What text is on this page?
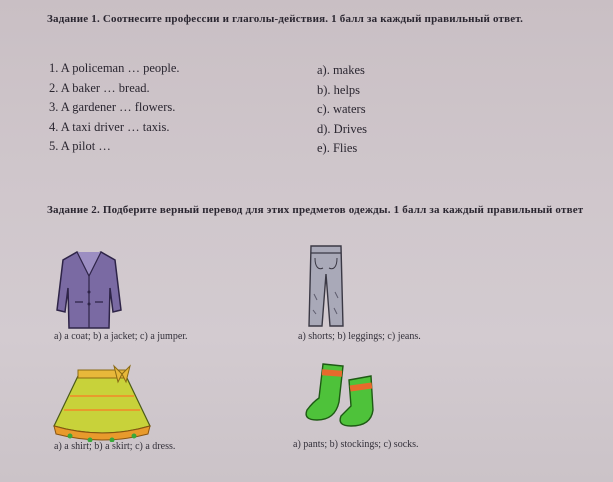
Задание 1. Соотнесите профессии и глаголы-действия. 1 балл за каждый правильный ответ.
1. A policeman … people.
2. A baker … bread.
3. A gardener … flowers.
4. A taxi driver … taxis.
5. A pilot …
a). makes
b). helps
c). waters
d). Drives
e). Flies
Задание 2. Подберите верный перевод для этих предметов одежды. 1 балл за каждый правильный ответ
a) a coat; b) a jacket; c) a jumper.	a) shorts; b) leggings; c) jeans.
a) a shirt; b) a skirt; c) a dress.	a) pants; b) stockings; c) socks.
